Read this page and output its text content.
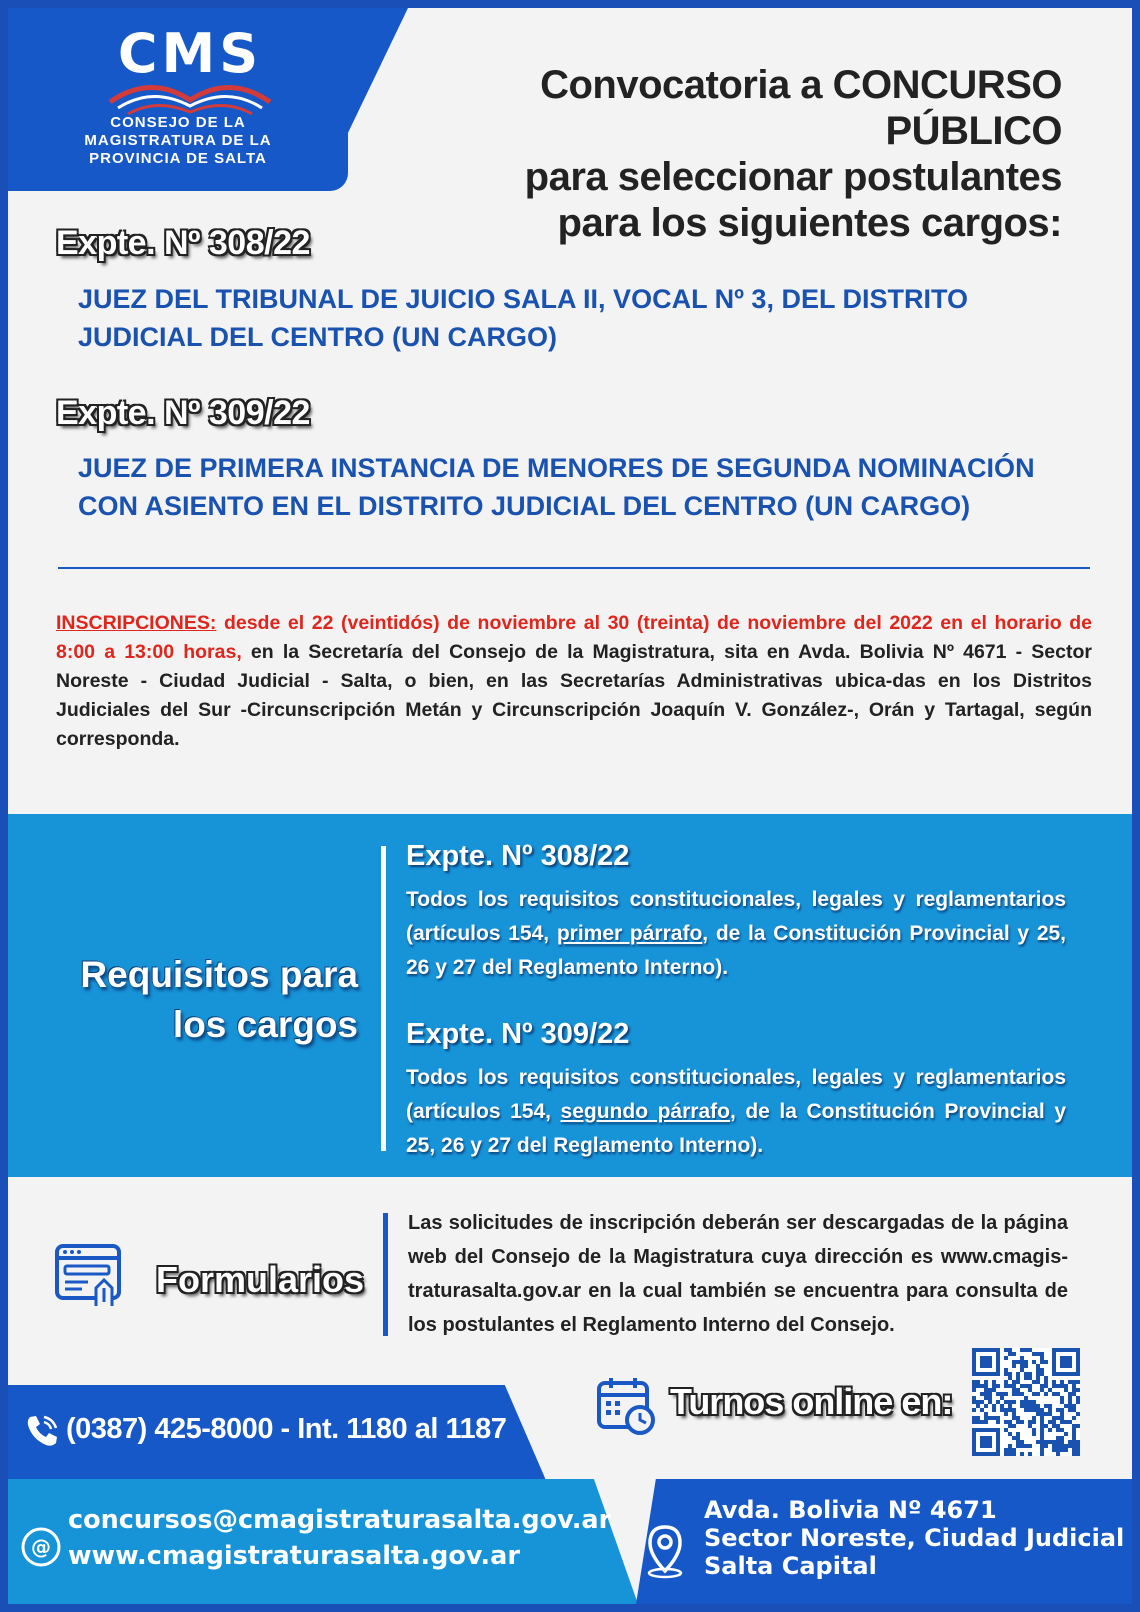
CMS
CONSEJO DE LA
MAGISTRATURA DE LA
PROVINCIA DE SALTA
Convocatoria a CONCURSO PÚBLICO
para seleccionar postulantes
para los siguientes cargos:
Expte. Nº 308/22
JUEZ DEL TRIBUNAL DE JUICIO SALA II, VOCAL Nº 3, DEL DISTRITO
JUDICIAL DEL CENTRO (UN CARGO)
Expte. Nº 309/22
JUEZ DE PRIMERA INSTANCIA DE MENORES DE SEGUNDA NOMINACIÓN
CON ASIENTO EN EL DISTRITO JUDICIAL DEL CENTRO (UN CARGO)
INSCRIPCIONES: desde el 22 (veintidós) de noviembre al 30 (treinta) de noviembre del 2022 en el horario de 8:00 a 13:00 horas, en la Secretaría del Consejo de la Magistratura, sita en Avda. Bolivia Nº 4671 - Sector Noreste - Ciudad Judicial - Salta, o bien, en las Secretarías Administrativas ubica-das en los Distritos Judiciales del Sur -Circunscripción Metán y Circunscripción Joaquín V. González-, Orán y Tartagal, según corresponda.
Requisitos para
los cargos
Expte. Nº 308/22
Todos los requisitos constitucionales, legales y reglamentarios (artículos 154, primer párrafo, de la Constitución Provincial y 25, 26 y 27 del Reglamento Interno).
Expte. Nº 309/22
Todos los requisitos constitucionales, legales y reglamentarios (artículos 154, segundo párrafo, de la Constitución Provincial y 25, 26 y 27 del Reglamento Interno).
Formularios
Las solicitudes de inscripción deberán ser descargadas de la página web del Consejo de la Magistratura cuya dirección es www.cmagis-traturasalta.gov.ar en la cual también se encuentra para consulta de los postulantes el Reglamento Interno del Consejo.
(0387) 425-8000 - Int. 1180 al 1187
Turnos online en:
@
concursos@cmagistraturasalta.gov.ar
www.cmagistraturasalta.gov.ar
Avda. Bolivia Nº 4671
Sector Noreste, Ciudad Judicial
Salta Capital
